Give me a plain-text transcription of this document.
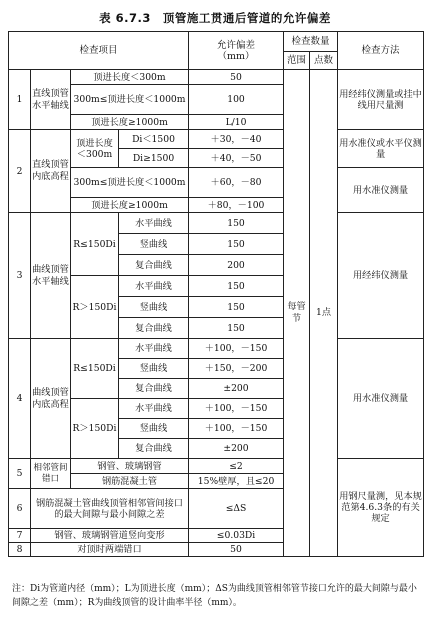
表 6.7.3　顶管施工贯通后管道的允许偏差
检查项目				允许偏差
（mm）	检查数量		检查方法
					范围	点数	
1	直线顶管水平轴线	顶进长度＜300m		50	每管节	1点	用经纬仪测量或挂中线用尺量测
		300m≤顶进长度＜1000m		100			

		顶进长度≥1000m		L/10			
2	直线顶管内底高程	顶进长度＜300m	Di＜1500	＋30，－40			用水准仪或水平仪测量
			Di≥1500	＋40，－50			
		300m≤顶进长度＜1000m		＋60，－80			用水准仪测量

		顶进长度≥1000m		＋80，－100			
3	曲线顶管水平轴线	R≤150Di	水平曲线	150			用经纬仪测量
			竖曲线	150			
			复合曲线	200			
		R＞150Di	水平曲线	150			
			竖曲线	150			
			复合曲线	150			
4	曲线顶管内底高程	R≤150Di	水平曲线	＋100，－150			用水准仪测量
			竖曲线	＋150，－200			
			复合曲线	±200			
		R＞150Di	水平曲线	＋100，－150			
			竖曲线	＋100，－150			
			复合曲线	±200			
5	相邻管间错口	钢管、玻璃钢管		≤2			用钢尺量测，见本规范第4.6.3条的有关规定
		钢筋混凝土管		15%壁厚，且≤20			
6	钢筋混凝土管曲线顶管相邻管间接口的最大间隙与最小间隙之差			≤ΔS			
7	钢管、玻璃钢管道竖向变形			≤0.03Di			
8	对顶时两端错口			50			
注：Di为管道内径（mm）；L为顶进长度（mm）；ΔS为曲线顶管相邻管节接口允许的最大间隙与最小间隙之差（mm）；R为曲线顶管的设计曲率半径（mm）。
